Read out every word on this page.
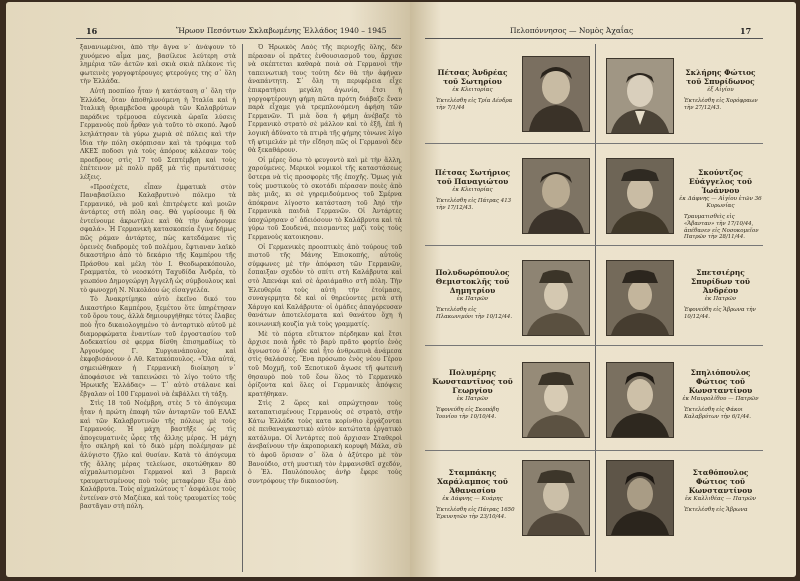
16	Ἥρωον Πεσόντων Σκλαβωμένης Ἑλλάδος 1940 – 1945

ξανανιωμένοι, ἀπὸ τὴν ἄγνα ν᾽ ἀνάψουν τὸ χυνόμενο αἷμα μας, βασίλευε λεύτερη στὰ λημέρια τῶν ἀετῶν καὶ σκιὰ σκιὰ πλέκονε τὶς φωτεινὲς γοργοφτέρουγες φτερούγες της σ᾽ ὅλη τὴν Ἑλλάδα.

Αὐτὴ ποσπίαο ἦταν ἡ κατάσταση σ᾽ ὅλη τὴν Ἑλλάδα, ὅταν ἀποθηλυνόμενη ἡ Ἰταλία καὶ ἡ Ἰταλικὴ θριαμβεῦσα φρουρὰ τῶν Καλαβρύτων παράδινε τρέμουσα εὐγενικὰ ὡραῖα λύσεις Γερμανοὺς ποὺ ἦρθαν γιὰ τοῦτο τὸ σκοπό. Ἀφοῦ λεηλάτησαν τὰ γύρω χωριὰ σὲ πόλεις καὶ τὴν ἴδια τὴν πόλη σκόρπισαν καὶ τὰ τρόφιμα τοῦ ΛΚΕΣ ποδοσι γιὰ τοὺς ἀπόρους κάλεσαν τοὺς προεδρους στὶς 17 τοῦ Σεπτέμβρη καὶ τοὺς ἐπέτεινον μὲ πολὺ πρᾶξ μὰ τὶς πρωτάτισσες λέξεις.

«Προσέχετε, εἶπαν ἐμφατικὰ στὸν Παναβασίλειο Καλαβρυτινὸ πόλεμο τὰ Γερμανικό, νὰ μοῦ καὶ ἐπιτρέψετε καὶ μοιῶν ἀντάρτες στὴ πόλη σας. Θὰ γυρίσουμε ἢ θὰ ἐντείνουμε ἀκρωτήλιε καὶ θὰ τὴν ἀφήσουμε σφαλά». Ἡ Γερμανικὴ κατασκοπεία ἔγινε δήμως πῶς ράμαν ἀντάρτες, πὼς κατεδάμανε τὶς ὀρεινὲς διαδρομὲς τοῦ πολέμου, ἔφτιαναν λαϊκὸ δικαστήριο ἀπὸ τὸ δεκάριο τῆς Καμπέρου τῆς Πράσθου καὶ μέλη τὸν Ι. Θεοδωρακόπουλο, Γραμματέα, τὸ νεοσκότη Ταχυδίδα Ἀνδρέα, τὸ γεωπόνο Δημογεώργη Ἀγγελῆ ὡς σύμβουλους καὶ τὸ φωνοχρή Ν. Νικολάου ὡς εἰσαγγελέα.

Τὸ Ἀνακρτίμηκο αὐτὸ ἐκεῖνο δικό του Δικαστήριο Καμπέρου, ξεμέτου ὅτε ὑπηρέτησαν τοῦ ὅρου τους, ἀλλὰ δημιουργήθηκε τότες ἔλαβες ποὺ ἦτο δικαιολογημένο τὸ ἀνταρτικὸ αὐτοῦ μὲ διαμορφώματα ἐναντίων τοῦ ἐργοστασίου τοῦ Δοδεκατίου σὲ φερμα δίσθη ἐπισημαδίως τὸ Ἀργονόμος Γ. Συργιανάπουλος καὶ ἐκφοβισάνουν ὁ Αθ. Κατακόπουλος. «Ὅλα αὐτά, σημειώθηκαν ἡ Γερμανικὴ διοίκηση ν᾽ ἀποφάσισε νὰ ταπεινώσει τὸ λίγο τούτο τῆς Ἡρωικῆς Ἑλλάδας» — Τ᾽ αὐτὸ στάλανε καὶ ἔβγαλαν οἱ 100 Γερμανοὶ νὰ ἐκβάλλει τὴ τάξη.

Στὶς 18 τοῦ Νοέμβρη, στὲς 5 τὸ ἀπόγευμα ἦταν ἡ πρώτη ἐπαφὴ τῶν ἀνταρτῶν τοῦ ΕΛΑΣ καὶ τῶν Καλαβρυτινῶν τῆς πόλεως μὲ τοὺς Γερμανούς. Ἡ μάχη βαστῆξε ὡς τὶς ἀπογευματινὲς ὧρες τῆς ἄλλης μέρας. Ἡ μάχη ἦτο σκληρὴ καὶ τὸ δικὸ μέρη πολέμησαν μὲ ἀλύγιστο ζῆλο καὶ θυσίαν. Κατὰ τὸ ἀπόγευμα τῆς ἄλλης μέρας τελείωσε, σκοτώθηκαν 80 αἰχμαλωτισμένοι Γερμανοὶ καὶ 3 βαρειὰ τραυματισμένους ποὺ τοὺς μεταφέραν ἔξω ἀπὸ Καλάβρυτα. Τοὺς αἰχμαλώτους τ᾽ ἀσφάλισε τοὺς ἐντείναν στὸ Μαζέικα, καὶ τοὺς τραυματίες τοὺς βαστᾶγαν στὴ πόλη.

Ὁ Ἡρωικὸς Λαὸς τῆς περιοχῆς ὅλης, δὲν πέρασαν οἱ πρᾶτες ἐνθουσιασμοῦ του, ἄρχισε νὰ σκέπτεται καθαρὰ ποιὰ σὰ Γερμανοὶ τὴν ταπεινωτικὴ τους τούτη δὲν θὰ τὴν ἀφήναν ἀναπάντητη. Σ᾽ ὅλη τη περιφέρεια εἶχε ἐπικρατήσει μεγάλη ἀγωνία, ἔτσι ἡ γοργοφτέρουγη φήμη πῶτα πρότη διάβαζε ἔναν παρὰ εἶχαμε γιὰ τρεμπλονόμενη ἀφήση τῶν Γερμανῶν. Τὶ μιὰ ὅσα ἡ φήμη ἀνέβαζε τὸ Γερμανικὸ στρατὸ σὲ μάλλον καὶ τὸ ἐξῆ, ἐπὶ ἡ λογικὴ ἀδύνατο τὰ πτιρὰ τῆς φήμης τὸνωνε λίγο τῆ φτιμελάν μὲ τὴν εἴδηση πῶς οἱ Γερμανοὶ δὲν θὰ ξεκαθάρουν.

Οἱ μέρες ὅσω τὸ φευγοντὸ καὶ μὲ τὴν ἄλλη, χαρούμενες. Μερικοὶ νομικοὶ τῆς καταστάσεως ὕστερα νὰ τὶς προσφορὲς τῆς ἐποχῆς. Ὅμως γιὰ τοὺς μυστικοὺς τὸ σκοτάδι πέρασαν ποιὲς ἀπὸ πὰς μιᾶς, κι σὲ γηρεμιδούμενος τοῦ Σμέρνα ἀπόκρανε λίγοστο κατάσταση τοῦ Ἀηό τὴν Γερμανικὰ παιδιὰ Γερμανῶν. Οἱ Ἀντάρτες ὑποχώρησαν σ᾽ ἀδειόσουν τὸ Καλάβρυτα καὶ τὰ γύρω τοῦ Σουδενά, πεισμαντες μαζὶ τοὺς τοὺς Γερμανοὺς κατοικησαν.

Οἱ Γερμανικὲς προοπτικὲς ἀπὸ τούρους τοῦ πιστοῦ τῆς Μάνης Ἐπισκοπής, αὐτοὺς σύμφωνες μὲ τὴν ἀπόφαση τῶν Γερμανῶν, ἔσπαιξαν σχεδὸν τὸ σπίτι στὴ Καλάβρυτα καὶ στὸ Ἀπενάφι καὶ σὲ ἀραιάμαθιο στῆ πόλη. Τὴν Ἐλευθερία τοὺς αὐτὴ τὴν ἑτοίμασε, συναγερμητα δὲ καὶ οἱ θηρεύοντες μετὰ στὴ Χάρυγο καὶ Καλάβρυτα· οἱ ὁμάδες ἀπαγόρευσαν θανάτων ἀποτελέσματα καὶ θανάτου ὅχη ἡ κοινωνικὴ κουζία γιὰ τοὺς γραμματίς.

Μὲ τὸ πόρτα εὔτικτον πέρδηκαν καὶ ἔτσι ἄρχισε ποιὰ ἦρθε τὸ βαρὺ πρᾶτο φορτίο ἐνὸς ἄγνωστου ἄ᾽ ἦρθε καὶ ἦτο ἀνθρωπινὰ ἀνάμεσα στὶς θαλάσσες. Ἔνα πρόσωπο ἐνὸς νέου Γέρου τοῦ Μοχμῆ, τοῦ Ξεποτικοῦ ἄγωσε τῆ φωτεινὴ θησαυρὸ ποὺ τοῦ ἔσω ὅλος τὸ Γερμανικὸ ὁρίζοντα καὶ ὅλες οἱ Γερμανικὲς ἄπόψεις κρατήθηκαν.

Στὶς 2 ὥρες καὶ σπρώχτησαν τοὺς καταπατισμένους Γερμανοὺς σὲ στρατὸ, στὴν Κάτω Ἑλλάδα τοὺς κατα κορίνθιο ἑργάζονται σὲ πειθαναγκαστικὸ αὐτὸν κατώτατα ἐργατικὸ κατάλυμα. Οἱ Ἀντάρτες ποὺ ἄρχισαν Σταθεροὶ ἀνεβαίνουν τὴν ἀκροποριακὴ κορυφὴ Μάλα, σὺ τὸ ἀφοῦ ὅρισαν σ᾽ ὅλα ὁ ἀξύτερο μὲ τὸν Βανούδιο, στὴ μυστικὴ τὸν ἐμφανισθεῖ σχεδόν, ὁ Ἑλ. Παυλόπουλος ἀνὴρ ἔφερε τοὺς συντρόφους τὴν δικαιοσύνη.

Πελοπόννησος — Νομὸς Ἀχαΐας	17
Πέτσας Ἀνδρέας τοῦ Σωτηρίου
ἐκ Κλειτορίας
Ἐκτελέσθη εἰς Τρία Δένδρα τὴν 7/1/44
Σκλήρης Φώτιος τοῦ Σπυρίδωνος
ἐξ Αἰγίου
Ἐκτελέσθη εἰς Χορόφραων τὴν 27/12/43.
Πέτσας Σωτήριος τοῦ Παναγιώτου
ἐκ Κλειτορίας
Ἐκτελέσθη εἰς Πάτρας 413 τὴν 17/12/43.
Σκούντζος Εὐάγγελος τοῦ Ἰωάννου
ἐκ Δάφνης — Αἰγίου ἐτῶν 36 Κυρωνίας
Τραυματισθεὶς εἰς «Ἄβανταν» τὴν 17/10/44, ἀπέθανεν εἰς Νοσοκομεῖον Πατρῶν τὴν 28/11/44.
Πολυδωρόπουλος Θεμιστοκλῆς τοῦ Δημητρίου
ἐκ Πατρῶν
Ἐκτελέσθη εἰς Πλακωνιμόνι τὴν 10/12/44.
Σπετσιέρης Σπυρίδων τοῦ Ἀνδρέου
ἐκ Πατρῶν
Ἐφονεύθη εἰς Ἄβρωνα τὴν 10/12/44.
Πολυμέρης Κωνσταντῖνος τοῦ Γεωργίου
ἐκ Πατρῶν
Ἐφονεύθη εἰς Σκοπόβη Ἰουνίου τὴν 10/10/44.
Σπηλιόπουλος Φώτιος τοῦ Κωνσταντίνου
ἐκ Μαυρολίθου — Πατρῶν
Ἐκτελέσθη εἰς Φάκοι Καλαβρύτων τὴν 6/1/44.
Σταμπάκης Χαράλαμπος τοῦ Ἀθανασίου
ἐκ Δάφνης — Κυάρης
Ἐκτελέσθη εἰς Πάτρας 1650 Ἐρευνητῶν τὴν 23/10/44.
Σταθόπουλος Φώτιος τοῦ Κωνσταντίνου
ἐκ Καλλιθέας — Πατρῶν
Ἐκτελέσθη εἰς Ἄβρωνα
